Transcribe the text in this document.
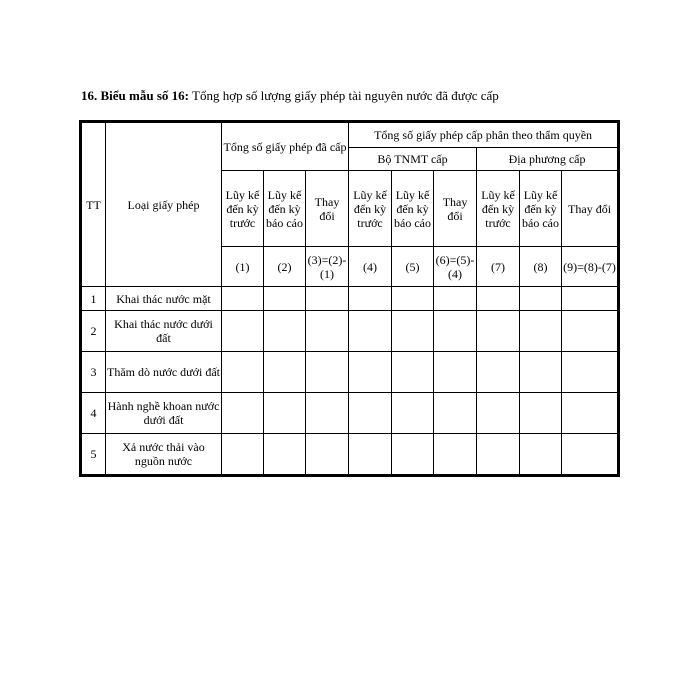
16. Biểu mẫu số 16: Tổng hợp số lượng giấy phép tài nguyên nước đã được cấp
TT	Loại giấy phép	Tổng số giấy phép đã cấp			Tổng số giấy phép cấp phân theo thẩm quyền					
					Bộ TNMT cấp			Địa phương cấp		
		Lũy kế đến kỳ trước	Lũy kế đến kỳ báo cáo	Thay đổi	Lũy kế đến kỳ trước	Lũy kế đến kỳ báo cáo	Thay đổi	Lũy kế đến kỳ trước	Lũy kế đến kỳ báo cáo	Thay đổi
		(1)	(2)	(3)=(2)-(1)	(4)	(5)	(6)=(5)-(4)	(7)	(8)	(9)=(8)-(7)
1	Khai thác nước mặt									
2	Khai thác nước dưới đất									
3	Thăm dò nước dưới đất									
4	Hành nghề khoan nước dưới đất									
5	Xả nước thải vào nguồn nước									
